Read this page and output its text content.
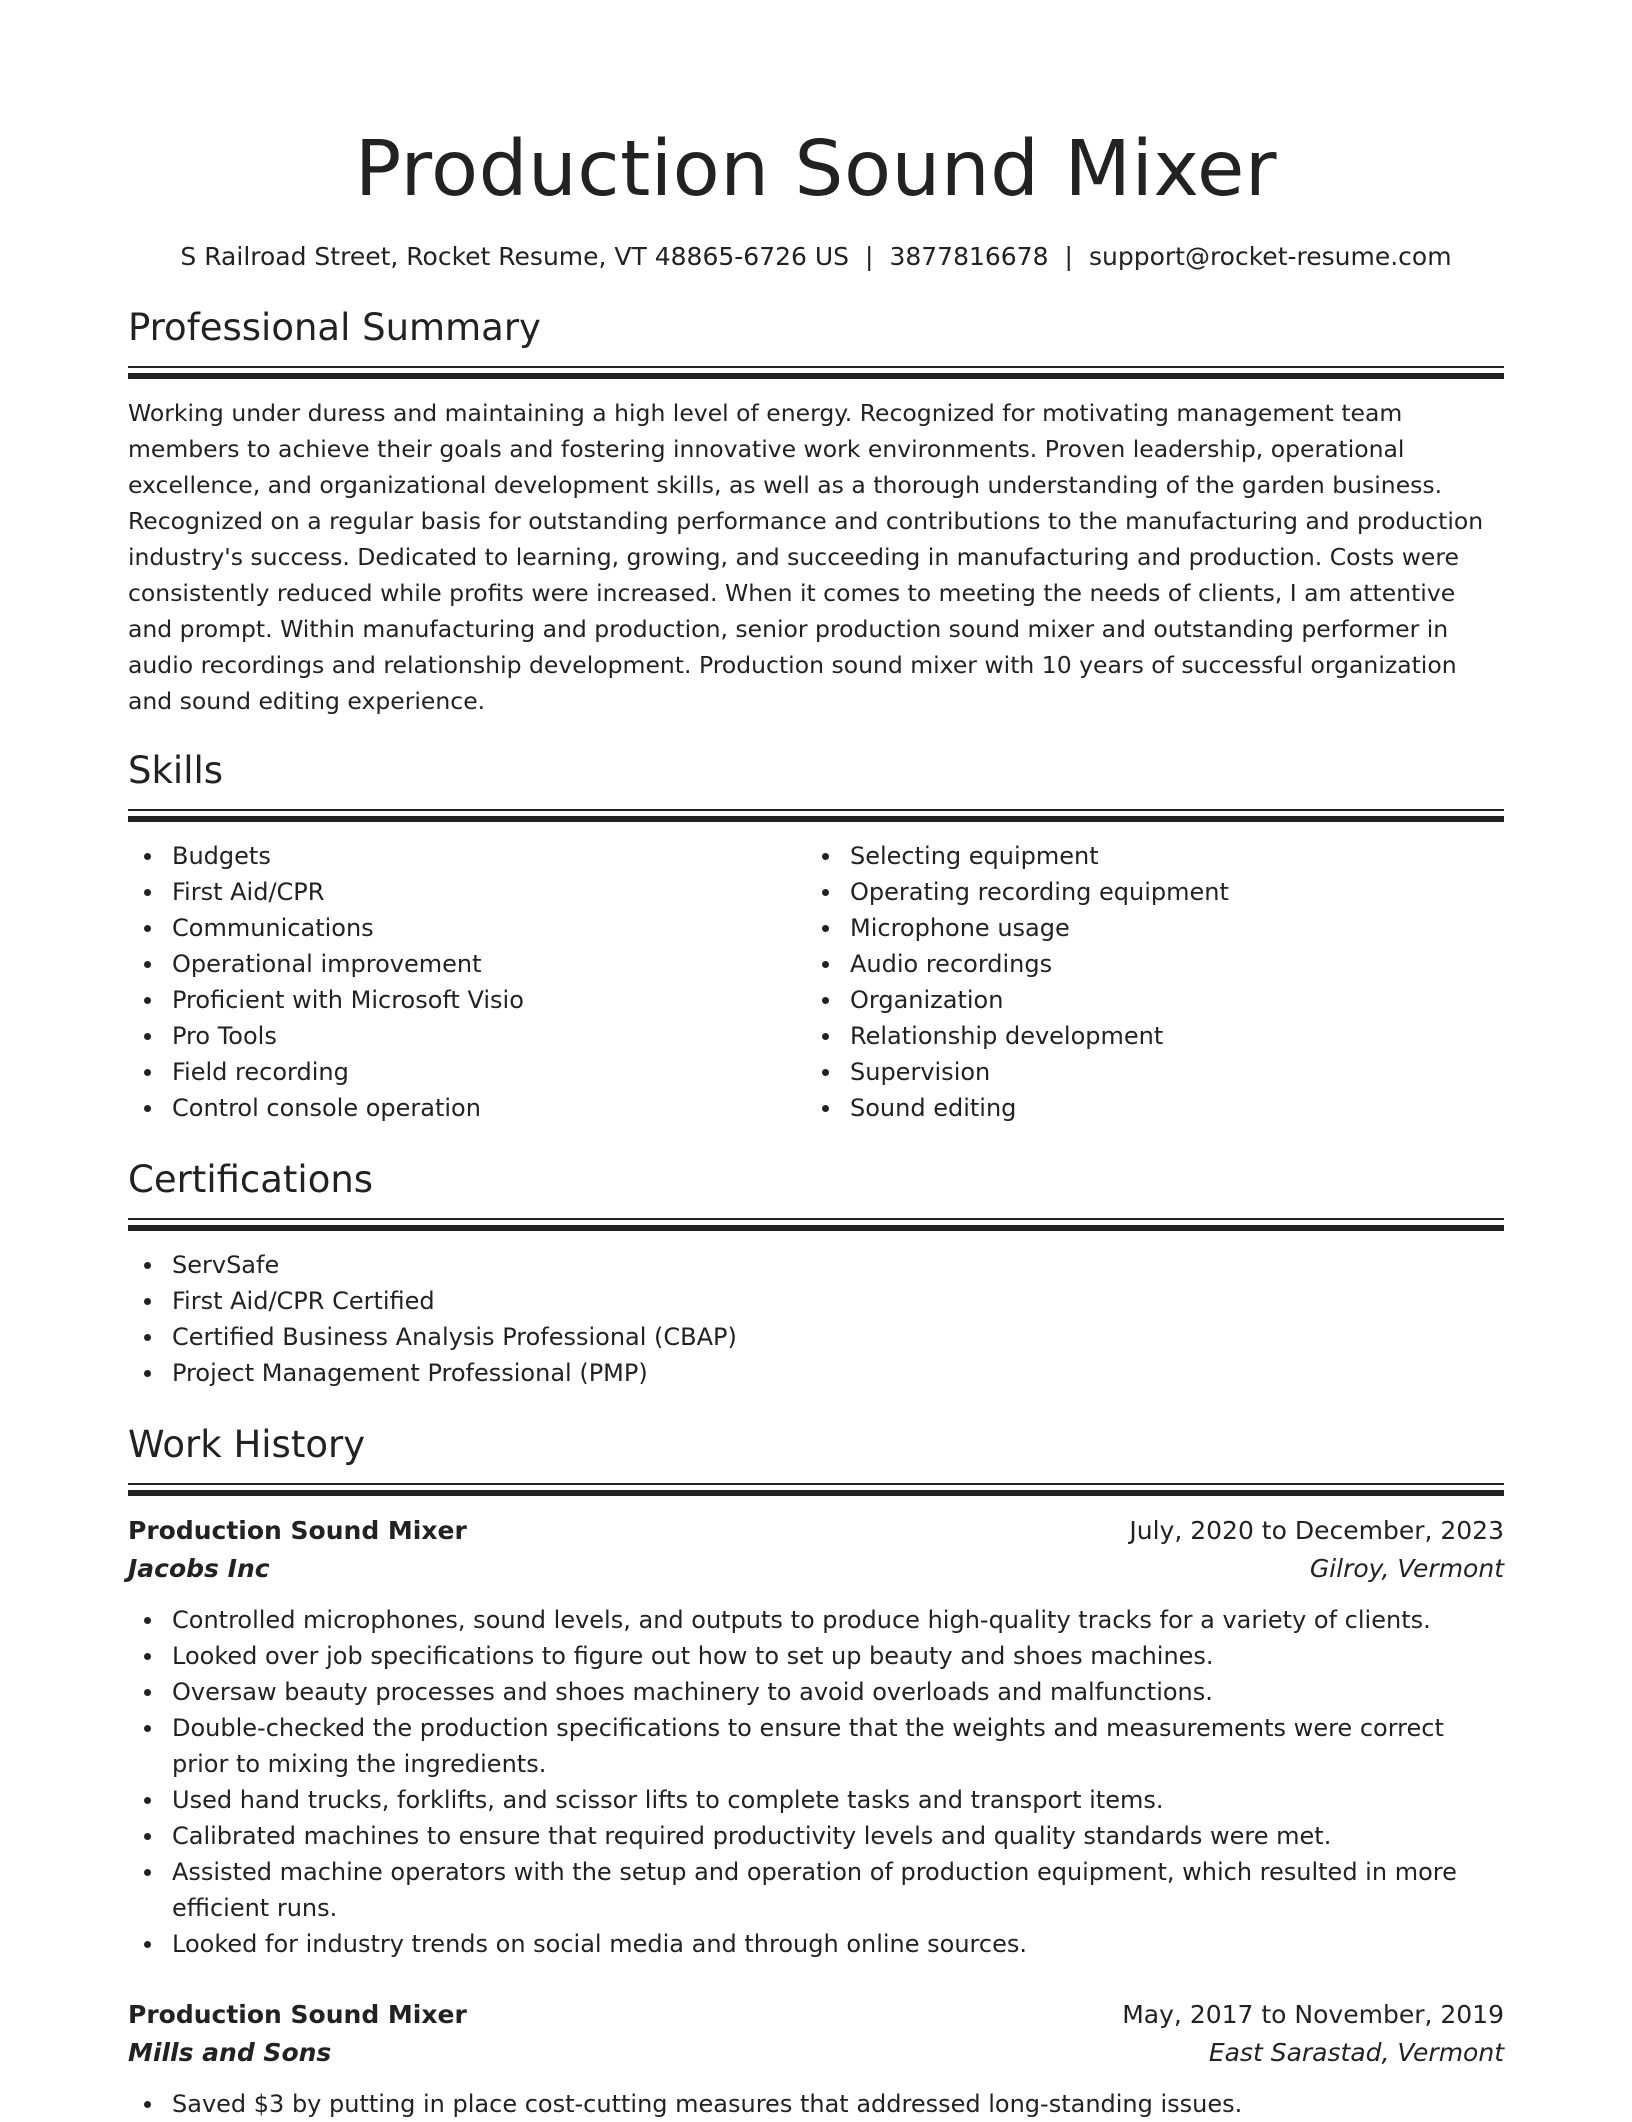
Production Sound Mixer
S Railroad Street, Rocket Resume, VT 48865-6726 US | 3877816678 | support@rocket-resume.com
Professional Summary

Working under duress and maintaining a high level of energy. Recognized for motivating management team members to achieve their goals and fostering innovative work environments. Proven leadership, operational excellence, and organizational development skills, as well as a thorough understanding of the garden business. Recognized on a regular basis for outstanding performance and contributions to the manufacturing and production industry's success. Dedicated to learning, growing, and succeeding in manufacturing and production. Costs were consistently reduced while profits were increased. When it comes to meeting the needs of clients, I am attentive and prompt. Within manufacturing and production, senior production sound mixer and outstanding performer in audio recordings and relationship development. Production sound mixer with 10 years of successful organization and sound editing experience.

Skills
Budgets
First Aid/CPR
Communications
Operational improvement
Proficient with Microsoft Visio
Pro Tools
Field recording
Control console operation
Selecting equipment
Operating recording equipment
Microphone usage
Audio recordings
Organization
Relationship development
Supervision
Sound editing
Certifications
ServSafe
First Aid/CPR Certified
Certified Business Analysis Professional (CBAP)
Project Management Professional (PMP)
Work History
Production Sound Mixer	July, 2020 to December, 2023
Jacobs Inc	Gilroy, Vermont
Controlled microphones, sound levels, and outputs to produce high-quality tracks for a variety of clients.
Looked over job specifications to figure out how to set up beauty and shoes machines.
Oversaw beauty processes and shoes machinery to avoid overloads and malfunctions.
Double-checked the production specifications to ensure that the weights and measurements were correct prior to mixing the ingredients.
Used hand trucks, forklifts, and scissor lifts to complete tasks and transport items.
Calibrated machines to ensure that required productivity levels and quality standards were met.
Assisted machine operators with the setup and operation of production equipment, which resulted in more efficient runs.
Looked for industry trends on social media and through online sources.
Production Sound Mixer	May, 2017 to November, 2019
Mills and Sons	East Sarastad, Vermont
Saved $3 by putting in place cost-cutting measures that addressed long-standing issues.
